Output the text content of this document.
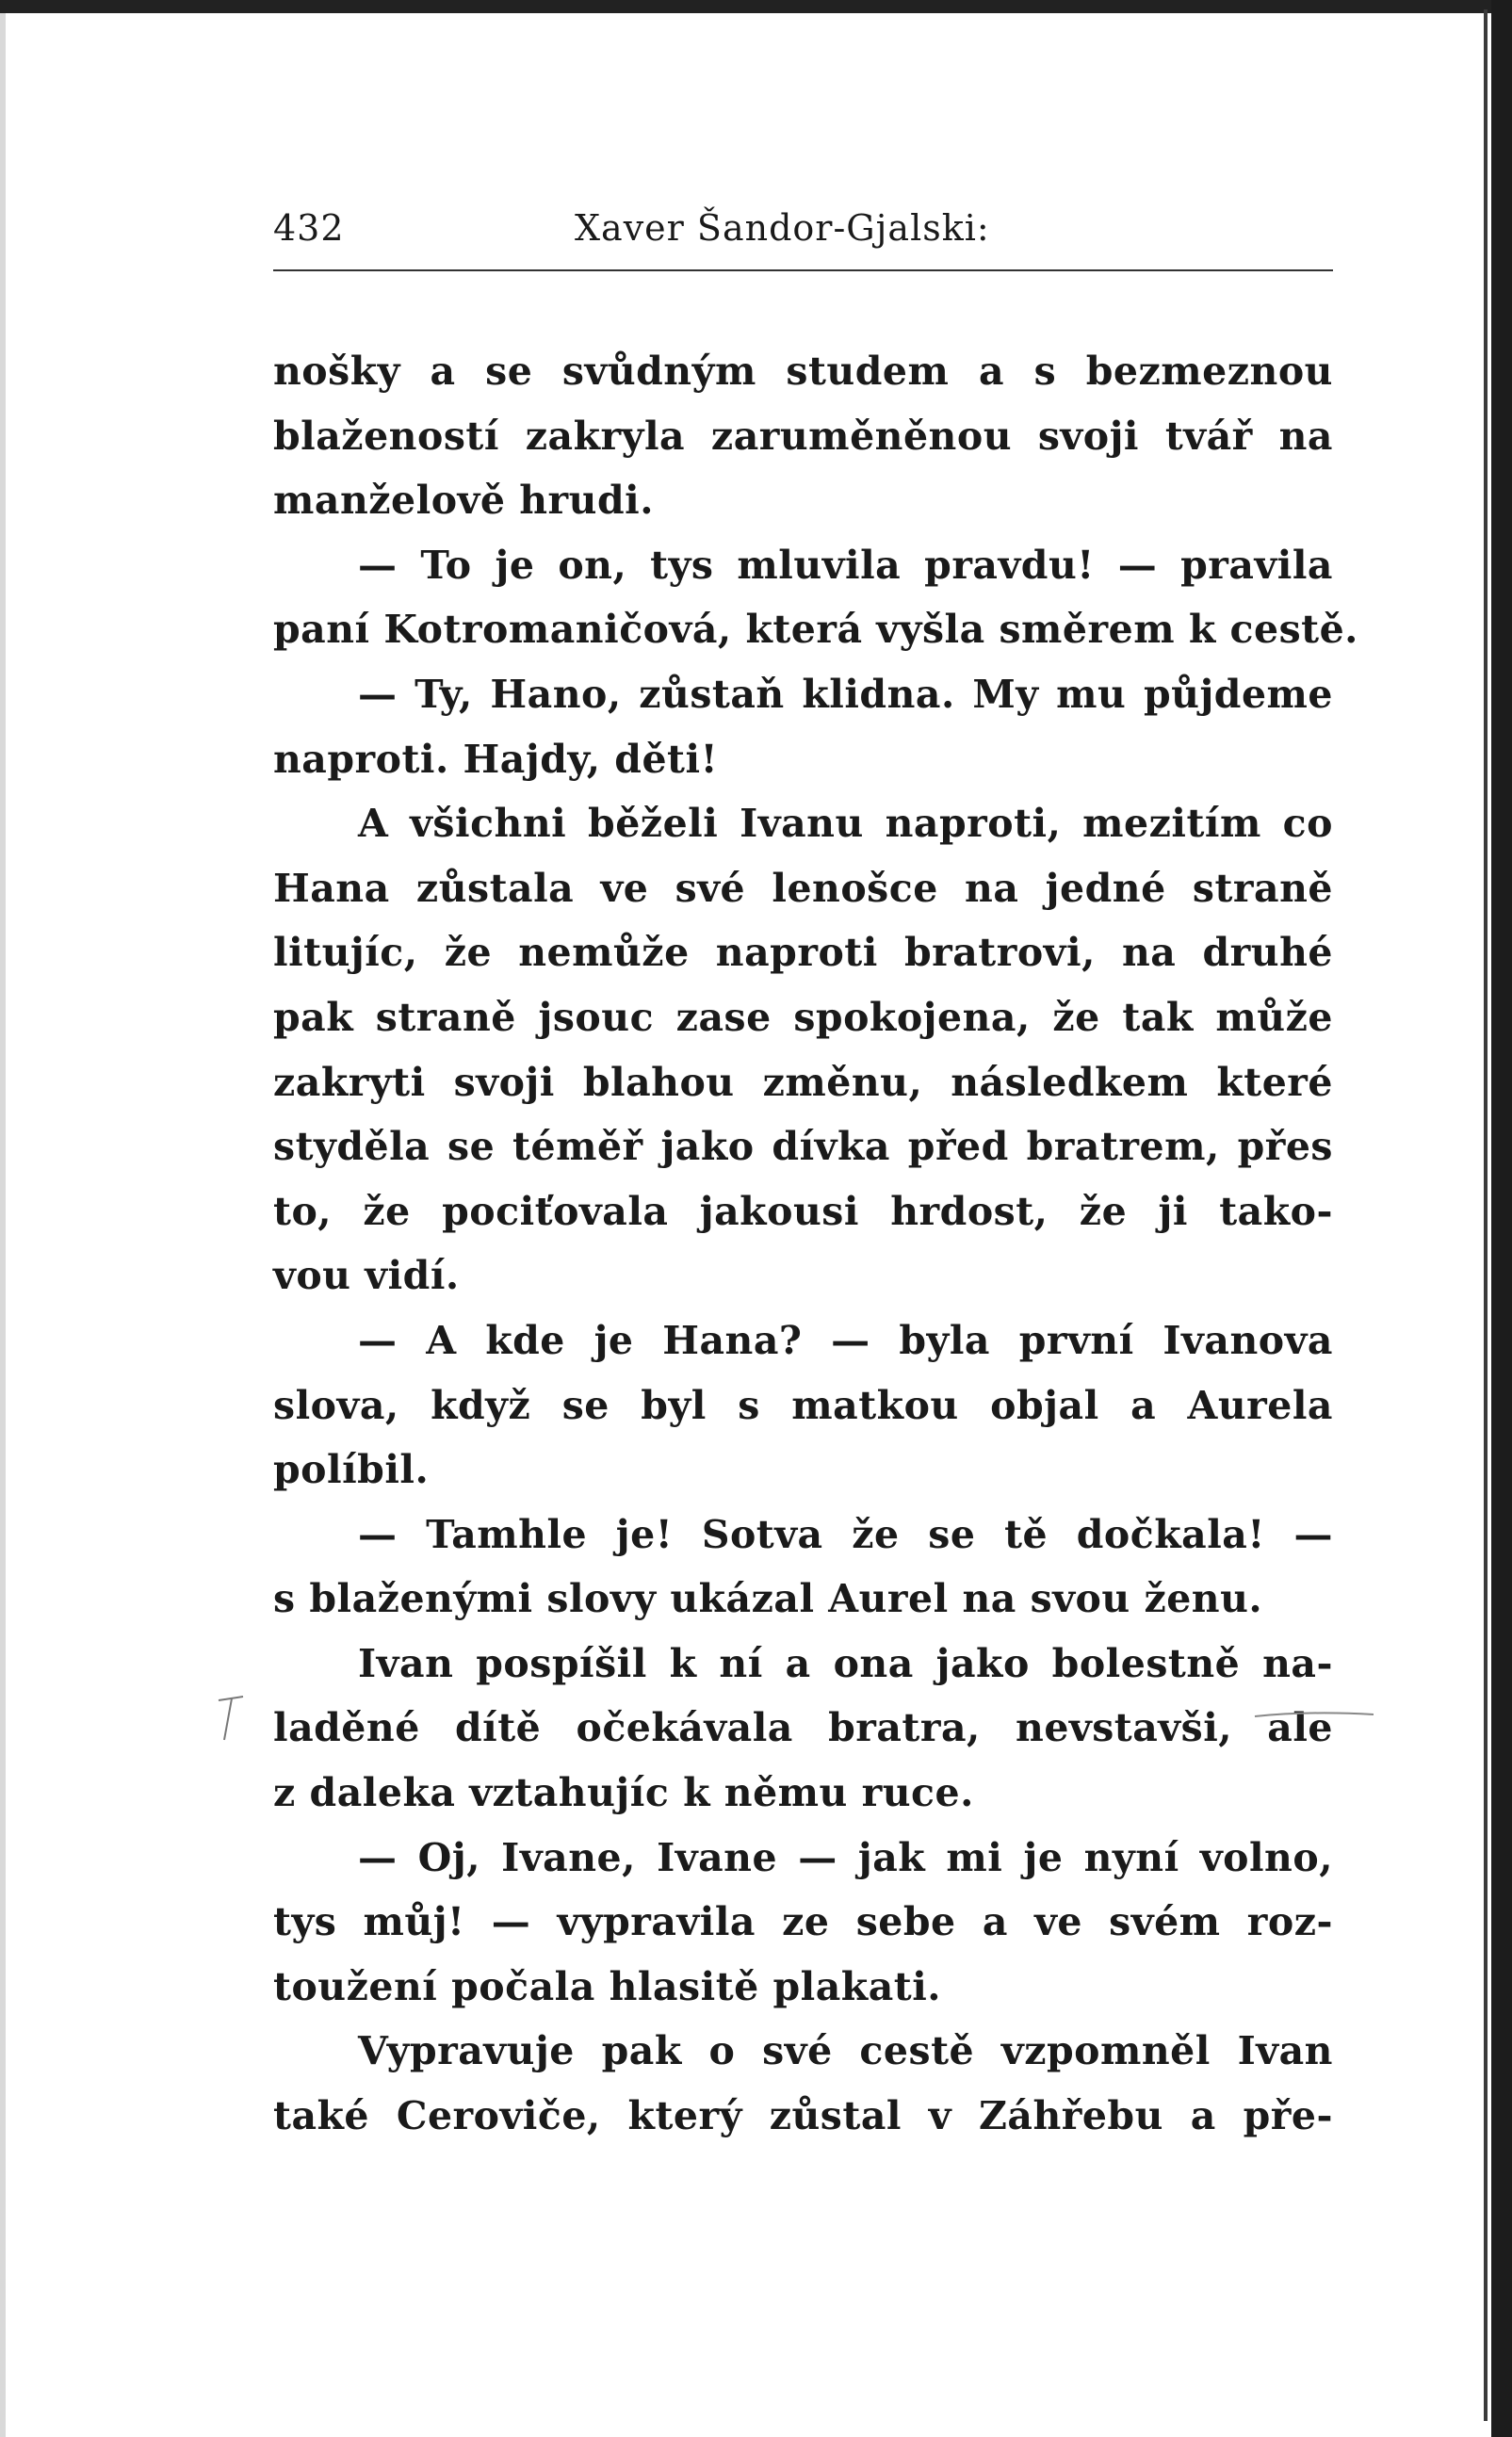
432	Xaver Šandor-Gjalski:
nošky a se svůdným studem a s bezmeznou
blažeností zakryla zaruměněnou svoji tvář na
manželově hrudi.
— To je on, tys mluvila pravdu! — pravila
paní Kotromaničová, která vyšla směrem k cestě.
— Ty, Hano, zůstaň klidna. My mu půjdeme
naproti. Hajdy, děti!
A všichni běželi Ivanu naproti, mezitím co
Hana zůstala ve své lenošce na jedné straně
litujíc, že nemůže naproti bratrovi, na druhé
pak straně jsouc zase spokojena, že tak může
zakryti svoji blahou změnu, následkem které
styděla se téměř jako dívka před bratrem, přes
to, že pociťovala jakousi hrdost, že ji tako-
vou vidí.
— A kde je Hana? — byla první Ivanova
slova, když se byl s matkou objal a Aurela
políbil.
— Tamhle je! Sotva že se tě dočkala! —
s blaženými slovy ukázal Aurel na svou ženu.
Ivan pospíšil k ní a ona jako bolestně na-
laděné dítě očekávala bratra, nevstavši, ale
z daleka vztahujíc k němu ruce.
— Oj, Ivane, Ivane — jak mi je nyní volno,
tys můj! — vypravila ze sebe a ve svém roz-
toužení počala hlasitě plakati.
Vypravuje pak o své cestě vzpomněl Ivan
také Ceroviče, který zůstal v Záhřebu a pře-
